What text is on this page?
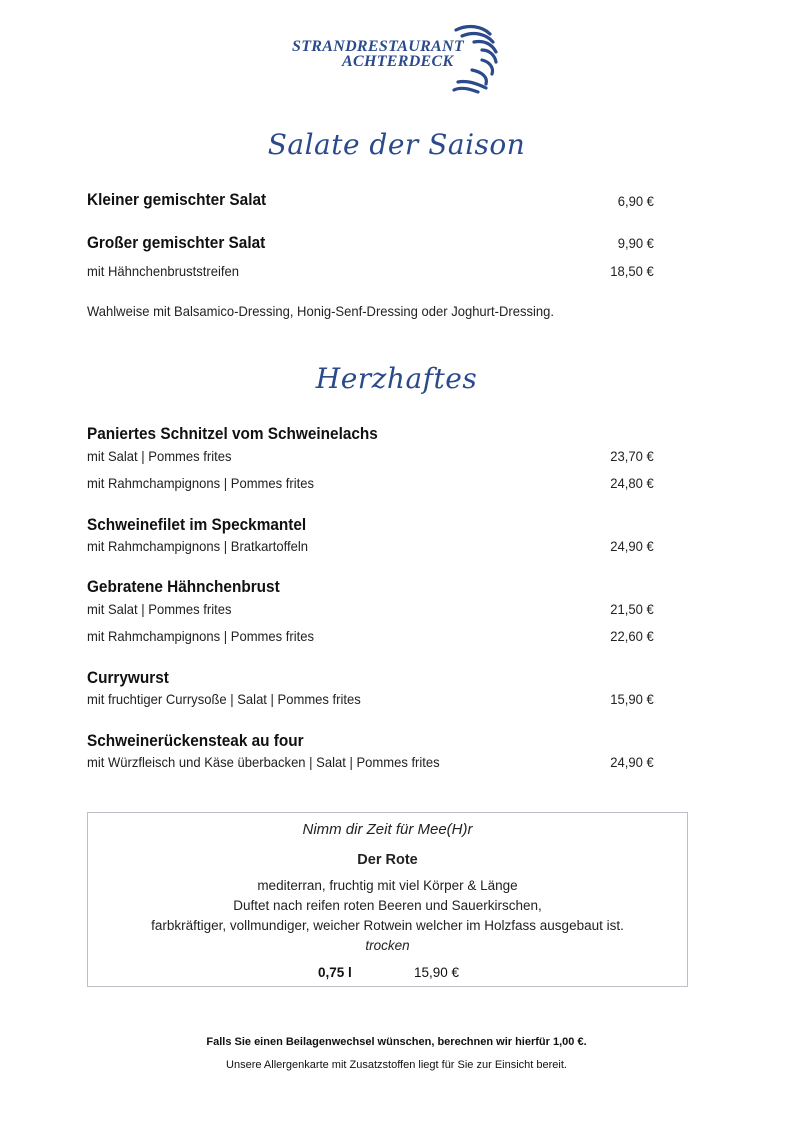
STRANDRESTAURANT
ACHTERDECK
Salate der Saison
Kleiner gemischter Salat	6,90 €
Großer gemischter Salat	9,90 €
mit Hähnchenbruststreifen	18,50 €
Wahlweise mit Balsamico-Dressing, Honig-Senf-Dressing oder Joghurt-Dressing.
Herzhaftes
Paniertes Schnitzel vom Schweinelachs
mit Salat | Pommes frites	23,70 €
mit Rahmchampignons | Pommes frites	24,80 €
Schweinefilet im Speckmantel
mit Rahmchampignons | Bratkartoffeln	24,90 €
Gebratene Hähnchenbrust
mit Salat | Pommes frites	21,50 €
mit Rahmchampignons | Pommes frites	22,60 €
Currywurst
mit fruchtiger Currysoße | Salat | Pommes frites	15,90 €
Schweinerückensteak au four
mit Würzfleisch und Käse überbacken | Salat | Pommes frites	24,90 €
Nimm dir Zeit für Mee(H)r
Der Rote
mediterran, fruchtig mit viel Körper & Länge
Duftet nach reifen roten Beeren und Sauerkirschen,
farbkräftiger, vollmundiger, weicher Rotwein welcher im Holzfass ausgebaut ist.
trocken
0,75 l	15,90 €
Falls Sie einen Beilagenwechsel wünschen, berechnen wir hierfür 1,00 €.
Unsere Allergenkarte mit Zusatzstoffen liegt für Sie zur Einsicht bereit.
